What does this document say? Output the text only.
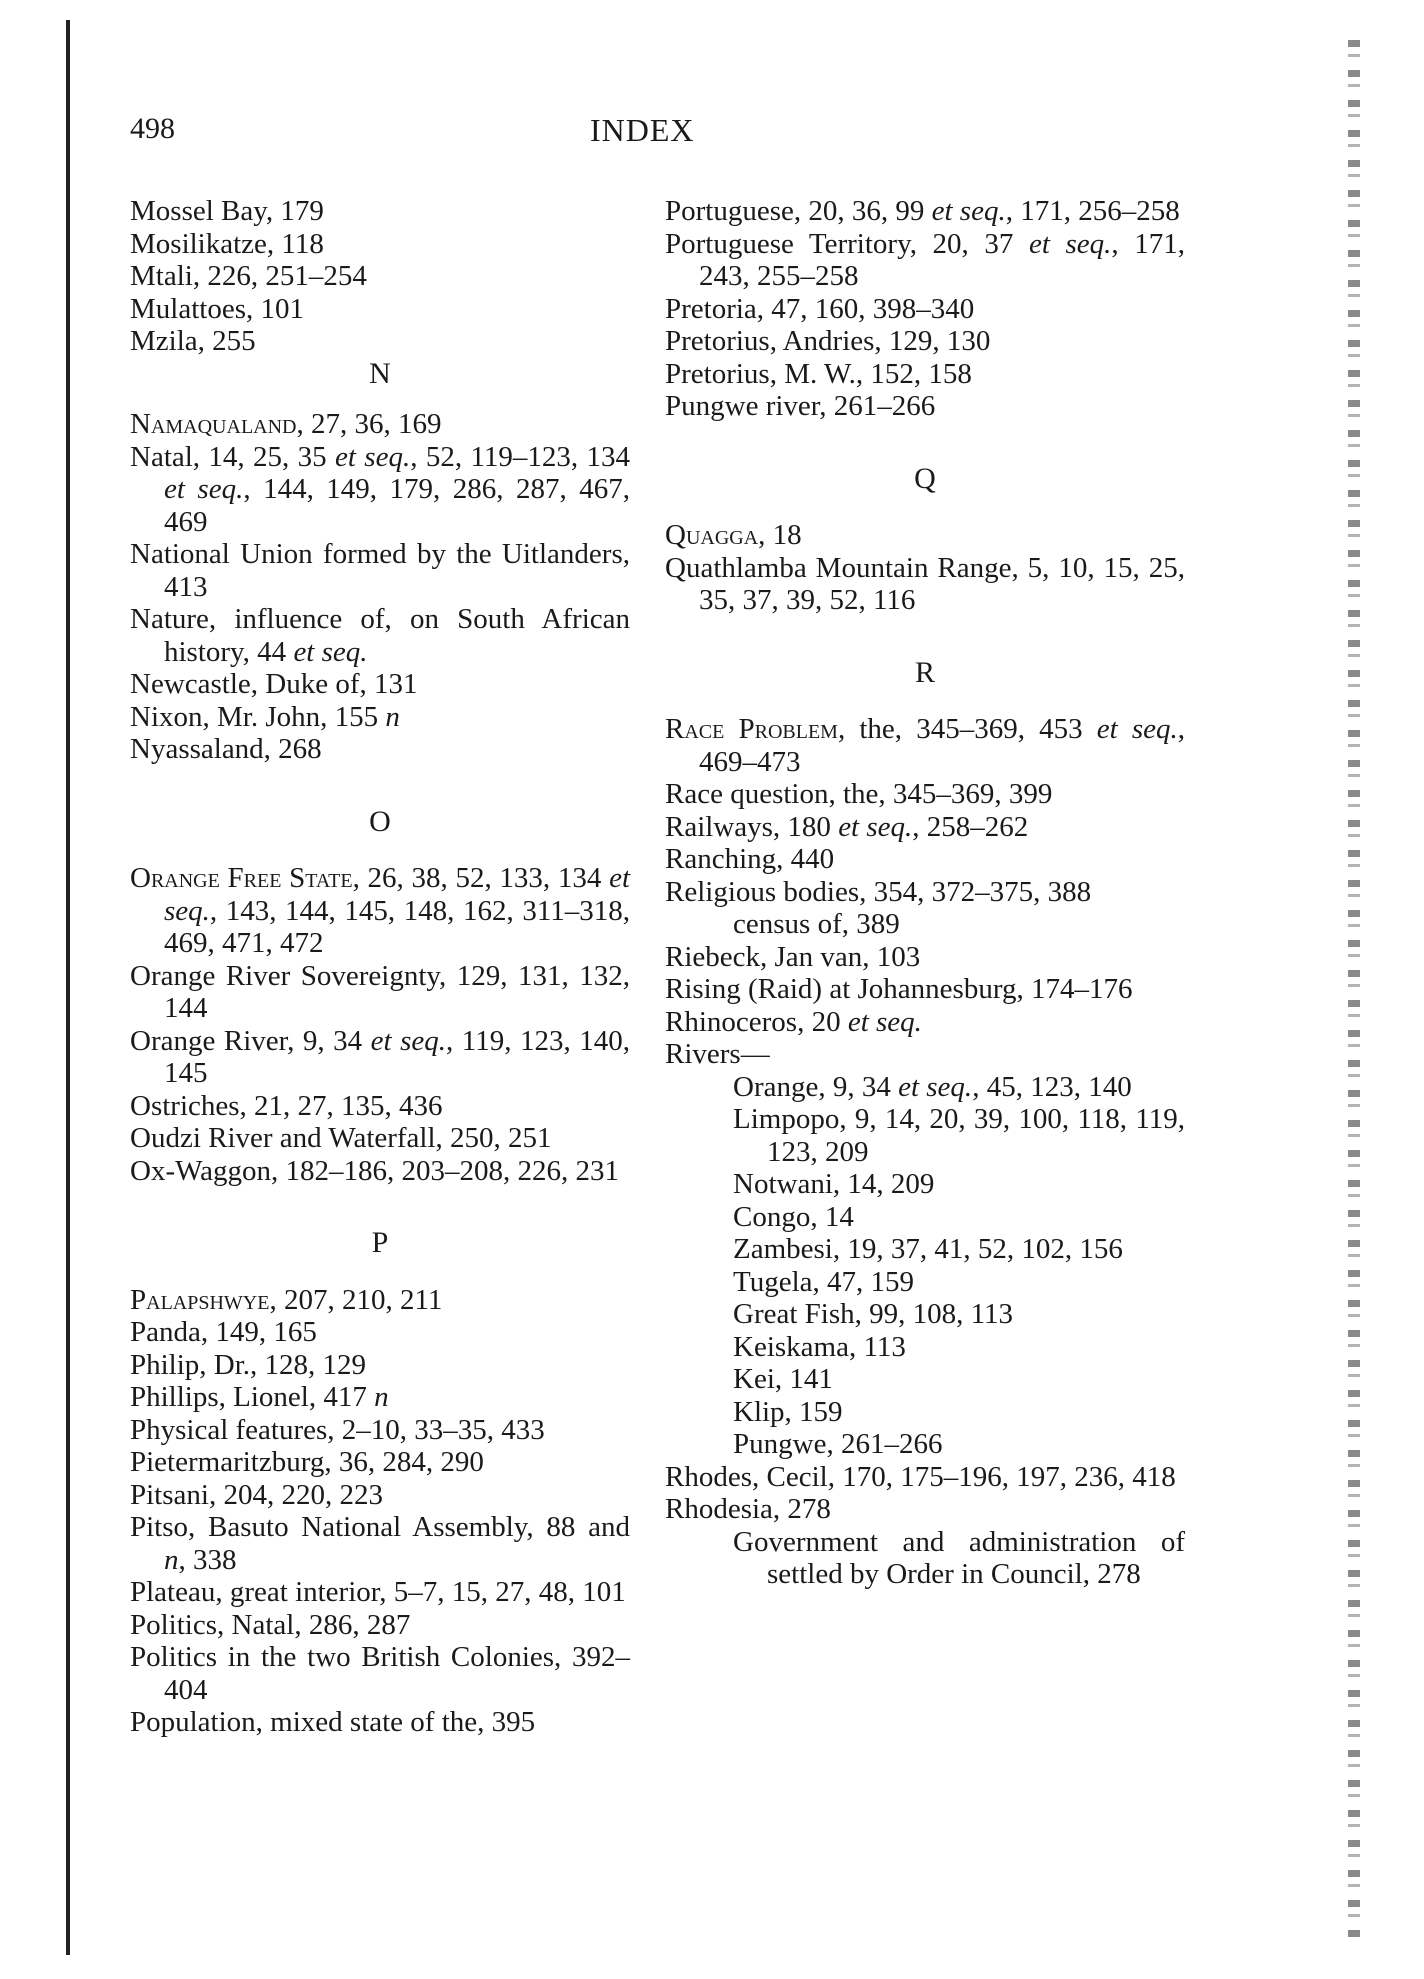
498	INDEX
Mossel Bay, 179
Mosilikatze, 118
Mtali, 226, 251–254
Mulattoes, 101
Mzila, 255
N
Namaqualand, 27, 36, 169
Natal, 14, 25, 35 et seq., 52, 119–123, 134 et seq., 144, 149, 179, 286, 287, 467, 469
National Union formed by the Uitlanders, 413
Nature, influence of, on South African history, 44 et seq.
Newcastle, Duke of, 131
Nixon, Mr. John, 155 n
Nyassaland, 268
O
Orange Free State, 26, 38, 52, 133, 134 et seq., 143, 144, 145, 148, 162, 311–318, 469, 471, 472
Orange River Sovereignty, 129, 131, 132, 144
Orange River, 9, 34 et seq., 119, 123, 140, 145
Ostriches, 21, 27, 135, 436
Oudzi River and Waterfall, 250, 251
Ox-Waggon, 182–186, 203–208, 226, 231
P
Palapshwye, 207, 210, 211
Panda, 149, 165
Philip, Dr., 128, 129
Phillips, Lionel, 417 n
Physical features, 2–10, 33–35, 433
Pietermaritzburg, 36, 284, 290
Pitsani, 204, 220, 223
Pitso, Basuto National Assembly, 88 and n, 338
Plateau, great interior, 5–7, 15, 27, 48, 101
Politics, Natal, 286, 287
Politics in the two British Colonies, 392–404
Population, mixed state of the, 395
Portuguese, 20, 36, 99 et seq., 171, 256–258
Portuguese Territory, 20, 37 et seq., 171, 243, 255–258
Pretoria, 47, 160, 398–340
Pretorius, Andries, 129, 130
Pretorius, M. W., 152, 158
Pungwe river, 261–266
Q
Quagga, 18
Quathlamba Mountain Range, 5, 10, 15, 25, 35, 37, 39, 52, 116
R
Race Problem, the, 345–369, 453 et seq., 469–473
Race question, the, 345–369, 399
Railways, 180 et seq., 258–262
Ranching, 440
Religious bodies, 354, 372–375, 388
census of, 389
Riebeck, Jan van, 103
Rising (Raid) at Johannesburg, 174–176
Rhinoceros, 20 et seq.
Rivers—
Orange, 9, 34 et seq., 45, 123, 140
Limpopo, 9, 14, 20, 39, 100, 118, 119, 123, 209
Notwani, 14, 209
Congo, 14
Zambesi, 19, 37, 41, 52, 102, 156
Tugela, 47, 159
Great Fish, 99, 108, 113
Keiskama, 113
Kei, 141
Klip, 159
Pungwe, 261–266
Rhodes, Cecil, 170, 175–196, 197, 236, 418
Rhodesia, 278
Government and administration of settled by Order in Council, 278
